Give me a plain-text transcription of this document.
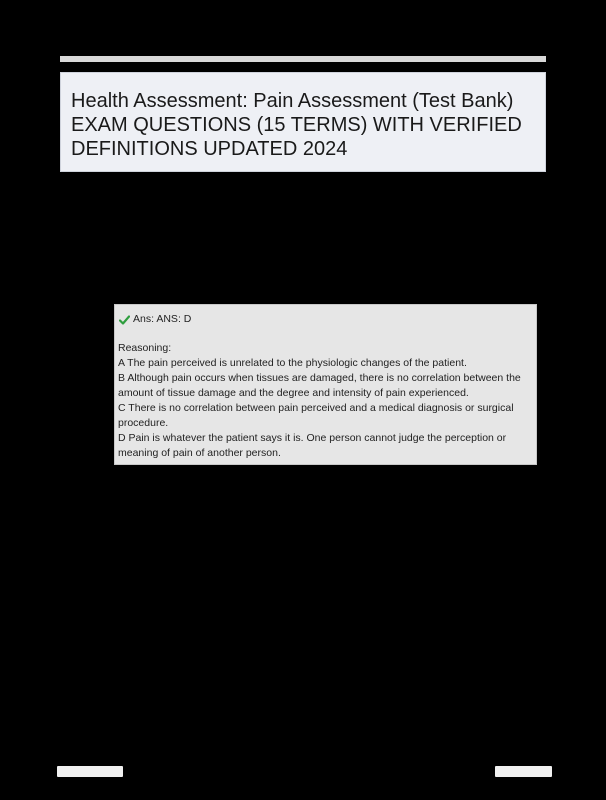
Health Assessment: Pain Assessment (Test Bank) EXAM QUESTIONS (15 TERMS) WITH VERIFIED DEFINITIONS UPDATED 2024
Ans: ANS: D
Reasoning:
A The pain perceived is unrelated to the physiologic changes of the patient.
B Although pain occurs when tissues are damaged, there is no correlation between the amount of tissue damage and the degree and intensity of pain experienced.
C There is no correlation between pain perceived and a medical diagnosis or surgical procedure.
D Pain is whatever the patient says it is. One person cannot judge the perception or meaning of pain of another person.
